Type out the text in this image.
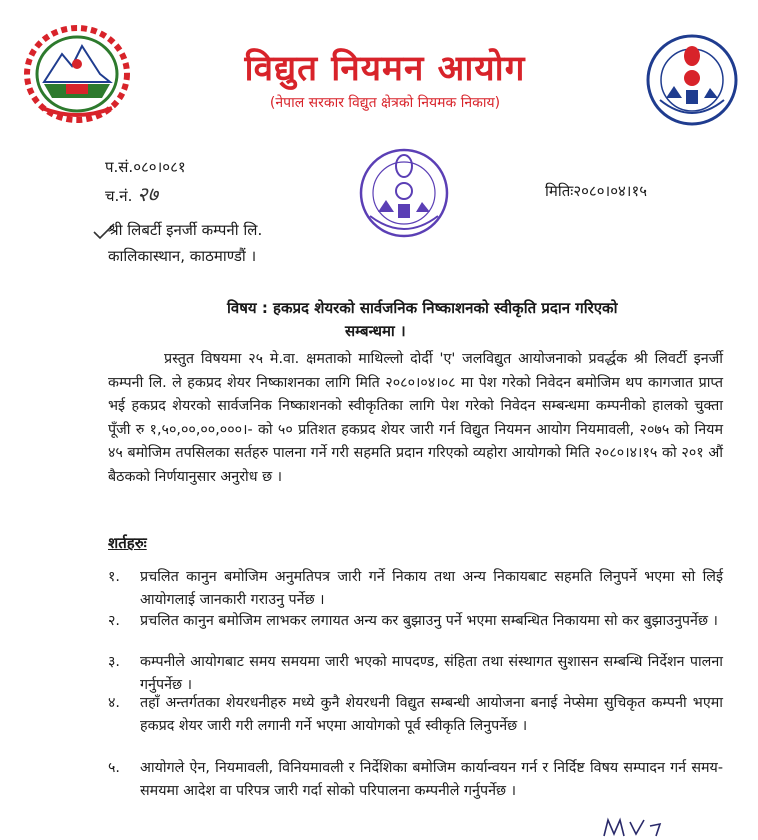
विद्युत नियमन आयोग
(नेपाल सरकार विद्युत क्षेत्रको नियमक निकाय)
प.सं.०८०।०८१
च.नं. २७	मितिः२०८०।०४।१५
श्री लिबर्टी इनर्जी कम्पनी लि.
कालिकास्थान, काठमाण्डौं ।
विषय : हकप्रद शेयरको सार्वजनिक निष्काशनको स्वीकृति प्रदान गरिएको
सम्बन्धमा ।
प्रस्तुत विषयमा २५ मे.वा. क्षमताको माथिल्लो दोर्दी 'ए' जलविद्युत आयोजनाको प्रवर्द्धक श्री लिवर्टी इनर्जी कम्पनी लि. ले हकप्रद शेयर निष्काशनका लागि मिति २०८०।०४।०८ मा पेश गरेको निवेदन बमोजिम थप कागजात प्राप्त भई हकप्रद शेयरको सार्वजनिक निष्काशनको स्वीकृतिका लागि पेश गरेको निवेदन सम्बन्धमा कम्पनीको हालको चुक्ता पूँजी रु १,५०,००,००,०००।- को ५० प्रतिशत हकप्रद शेयर जारी गर्न विद्युत नियमन आयोग नियमावली, २०७५ को नियम ४५ बमोजिम तपसिलका सर्तहरु पालना गर्ने गरी सहमति प्रदान गरिएको व्यहोरा आयोगको मिति २०८०।४।१५ को २०१ औं बैठकको निर्णयानुसार अनुरोध छ ।
शर्तहरुः
१.	प्रचलित कानुन बमोजिम अनुमतिपत्र जारी गर्ने निकाय तथा अन्य निकायबाट सहमति लिनुपर्ने भएमा सो लिई आयोगलाई जानकारी गराउनु पर्नेछ ।
२.	प्रचलित कानुन बमोजिम लाभकर लगायत अन्य कर बुझाउनु पर्ने भएमा सम्बन्धित निकायमा सो कर बुझाउनुपर्नेछ ।
३.	कम्पनीले आयोगबाट समय समयमा जारी भएको मापदण्ड, संहिता तथा संस्थागत सुशासन सम्बन्धि निर्देशन पालना गर्नुपर्नेछ ।
४.	तहाँ अन्तर्गतका शेयरधनीहरु मध्ये कुनै शेयरधनी विद्युत सम्बन्धी आयोजना बनाई नेप्सेमा सुचिकृत कम्पनी भएमा हकप्रद शेयर जारी गरी लगानी गर्ने भएमा आयोगको पूर्व स्वीकृति लिनुपर्नेछ ।
५.	आयोगले ऐन, नियमावली, विनियमावली र निर्देशिका बमोजिम कार्यान्वयन गर्न र निर्दिष्ट विषय सम्पादन गर्न समय-समयमा आदेश वा परिपत्र जारी गर्दा सोको परिपालना कम्पनीले गर्नुपर्नेछ ।
